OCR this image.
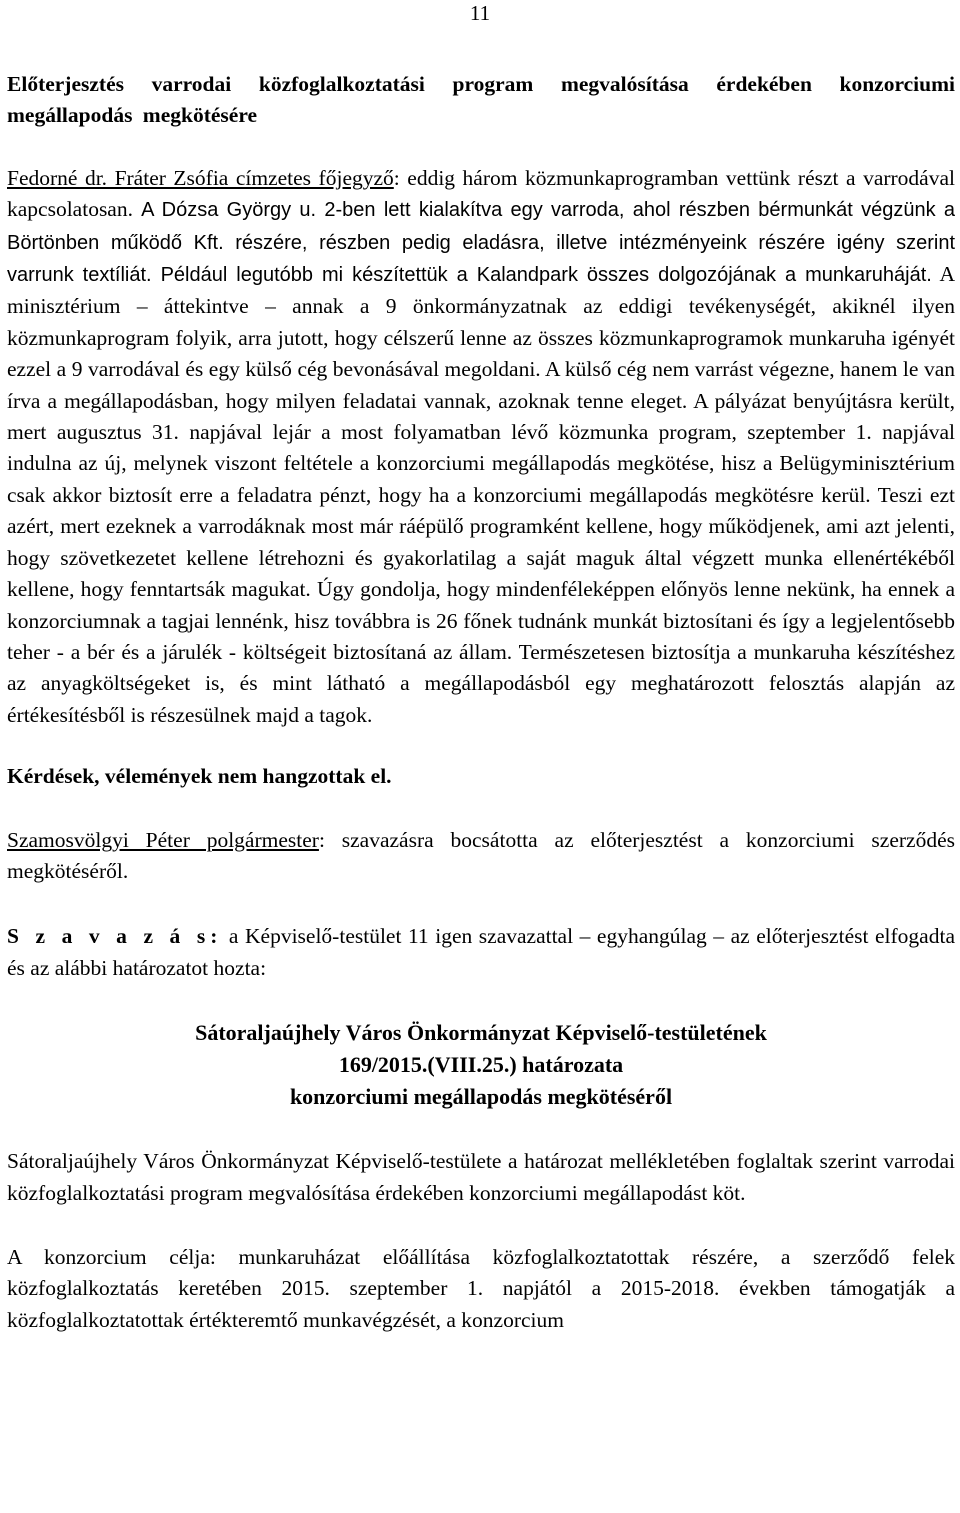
11

Előterjesztés varrodai közfoglalkoztatási program megvalósítása érdekében konzorciumi megállapodás megkötésére

Fedorné dr. Fráter Zsófia címzetes főjegyző: eddig három közmunkaprogramban vettünk részt a varrodával kapcsolatosan. A Dózsa György u. 2-ben lett kialakítva egy varroda, ahol részben bérmunkát végzünk a Börtönben működő Kft. részére, részben pedig eladásra, illetve intézményeink részére igény szerint varrunk textíliát. Például legutóbb mi készítettük a Kalandpark összes dolgozójának a munkaruháját. A minisztérium – áttekintve – annak a 9 önkormányzatnak az eddigi tevékenységét, akiknél ilyen közmunkaprogram folyik, arra jutott, hogy célszerű lenne az összes közmunkaprogramok munkaruha igényét ezzel a 9 varrodával és egy külső cég bevonásával megoldani. A külső cég nem varrást végezne, hanem le van írva a megállapodásban, hogy milyen feladatai vannak, azoknak tenne eleget. A pályázat benyújtásra került, mert augusztus 31. napjával lejár a most folyamatban lévő közmunka program, szeptember 1. napjával indulna az új, melynek viszont feltétele a konzorciumi megállapodás megkötése, hisz a Belügyminisztérium csak akkor biztosít erre a feladatra pénzt, hogy ha a konzorciumi megállapodás megkötésre kerül. Teszi ezt azért, mert ezeknek a varrodáknak most már ráépülő programként kellene, hogy működjenek, ami azt jelenti, hogy szövetkezetet kellene létrehozni és gyakorlatilag a saját maguk által végzett munka ellenértékéből kellene, hogy fenntartsák magukat. Úgy gondolja, hogy mindenféleképpen előnyös lenne nekünk, ha ennek a konzorciumnak a tagjai lennénk, hisz továbbra is 26 főnek tudnánk munkát biztosítani és így a legjelentősebb teher - a bér és a járulék - költségeit biztosítaná az állam. Természetesen biztosítja a munkaruha készítéshez az anyagköltségeket is, és mint látható a megállapodásból egy meghatározott felosztás alapján az értékesítésből is részesülnek majd a tagok.

Kérdések, vélemények nem hangzottak el.

Szamosvölgyi Péter polgármester: szavazásra bocsátotta az előterjesztést a konzorciumi szerződés megkötéséről.

S z a v a z á s: a Képviselő-testület 11 igen szavazattal – egyhangúlag – az előterjesztést elfogadta és az alábbi határozatot hozta:

Sátoraljaújhely Város Önkormányzat Képviselő-testületének
169/2015.(VIII.25.) határozata
konzorciumi megállapodás megkötéséről

Sátoraljaújhely Város Önkormányzat Képviselő-testülete a határozat mellékletében foglaltak szerint varrodai közfoglalkoztatási program megvalósítása érdekében konzorciumi megállapodást köt.

A konzorcium célja: munkaruházat előállítása közfoglalkoztatottak részére, a szerződő felek közfoglalkoztatás keretében 2015. szeptember 1. napjától a 2015-2018. években támogatják a közfoglalkoztatottak értékteremtő munkavégzését, a konzorcium
